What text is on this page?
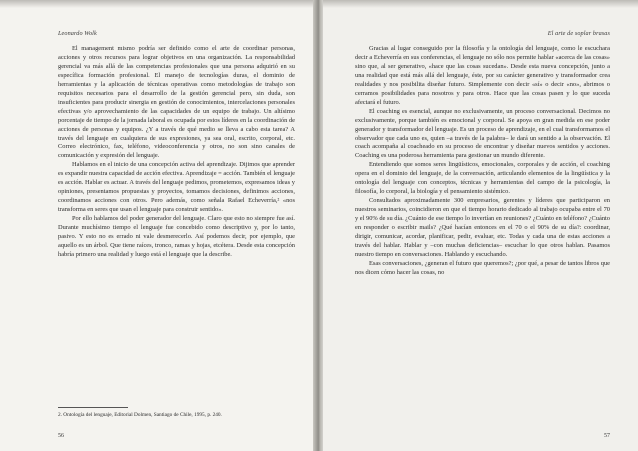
Leonardo Wolk

El management mismo podría ser definido como el arte de coordinar personas, acciones y otros recursos para lograr objetivos en una organización. La responsabilidad gerencial va más allá de las competencias profesionales que una persona adquirió en su específica formación profesional. El manejo de tecnologías duras, el dominio de herramientas y la aplicación de técnicas operativas como metodologías de trabajo son requisitos necesarios para el desarrollo de la gestión gerencial pero, sin duda, son insuficientes para producir sinergia en gestión de conocimientos, intercelaciones personales efectivas y/o aprovechamiento de las capacidades de un equipo de trabajo. Un altísimo porcentaje de tiempo de la jornada laboral es ocupada por estos líderes en la coordinación de acciones de personas y equipos. ¿Y a través de qué medio se lleva a cabo esta tarea? A través del lenguaje en cualquiera de sus expresiones, ya sea oral, escrito, corporal, etc. Correo electrónico, fax, teléfono, videoconferencia y otros, no son sino canales de comunicación y expresión del lenguaje.

Hablamos en el inicio de una concepción activa del aprendizaje. Dijimos que aprender es expandir nuestra capacidad de acción efectiva. Aprendizaje = acción. También el lenguaje es acción. Hablar es actuar. A través del lenguaje pedimos, prometemos, expresamos ideas y opiniones, presentamos propuestas y proyectos, tomamos decisiones, definimos acciones, coordinamos acciones con otros. Pero además, como señala Rafael Echeverría,² «nos transforma en seres que usan el lenguaje para construir sentido».

Por ello hablamos del poder generador del lenguaje. Claro que esto no siempre fue así. Durante muchísimo tiempo el lenguaje fue concebido como descriptivo y, por lo tanto, pasivo. Y esto no es errado ni vale desmerecerlo. Así podemos decir, por ejemplo, que aquello es un árbol. Que tiene raíces, tronco, ramas y hojas, etcétera. Desde esta concepción habría primero una realidad y luego está el lenguaje que la describe.

2. Ontología del lenguaje, Editorial Dolmen, Santiago de Chile, 1995, p. 240.

56
El arte de soplar brasas

Gracias al lugar conseguido por la filosofía y la ontología del lenguaje, como le escuchara decir a Echeverría en sus conferencias, el lenguaje no sólo nos permite hablar «acerca de las cosas» sino que, al ser generativo, «hace que las cosas sucedan». Desde esta nueva concepción, junto a una realidad que está más allá del lenguaje, éste, por su carácter generativo y transformador crea realidades y nos posibilita diseñar futuro. Simplemente con decir «sí» o decir «no», abrimos o cerramos posibilidades para nosotros y para otros. Hace que las cosas pasen y lo que suceda afectará el futuro.

El coaching es esencial, aunque no exclusivamente, un proceso conversacional. Decimos no exclusivamente, porque también es emocional y corporal. Se apoya en gran medida en ese poder generador y transformador del lenguaje. Es un proceso de aprendizaje, en el cual transformamos el observador que cada uno es, quien –a través de la palabra– le dará un sentido a la observación. El coach acompaña al coacheado en su proceso de encontrar y diseñar nuevos sentidos y acciones. Coaching es una poderosa herramienta para gestionar un mundo diferente.

Entendiendo que somos seres lingüísticos, emocionales, corporales y de acción, el coaching opera en el dominio del lenguaje, de la conversación, articulando elementos de la lingüística y la ontología del lenguaje con conceptos, técnicas y herramientas del campo de la psicología, la filosofía, lo corporal, la biología y el pensamiento sistémico.

Consultados aproximadamente 300 empresarios, gerentes y líderes que participaron en nuestros seminarios, coincidieron en que el tiempo horario dedicado al trabajo ocupaba entre el 70 y el 90% de su día. ¿Cuánto de ese tiempo lo invertían en reuniones? ¿Cuánto en teléfono? ¿Cuánto en responder o escribir mails? ¿Qué hacían entonces en el 70 o el 90% de su día?: coordinar, dirigir, comunicar, acordar, planificar, pedir, evaluar, etc. Todas y cada una de estas acciones a través del hablar. Hablar y –con muchas deficiencias– escuchar lo que otros hablan. Pasamos nuestro tiempo en conversaciones. Hablando y escuchando.

Esas conversaciones, ¿generan el futuro que queremos?; ¿por qué, a pesar de tantos libros que nos dicen cómo hacer las cosas, no

57
